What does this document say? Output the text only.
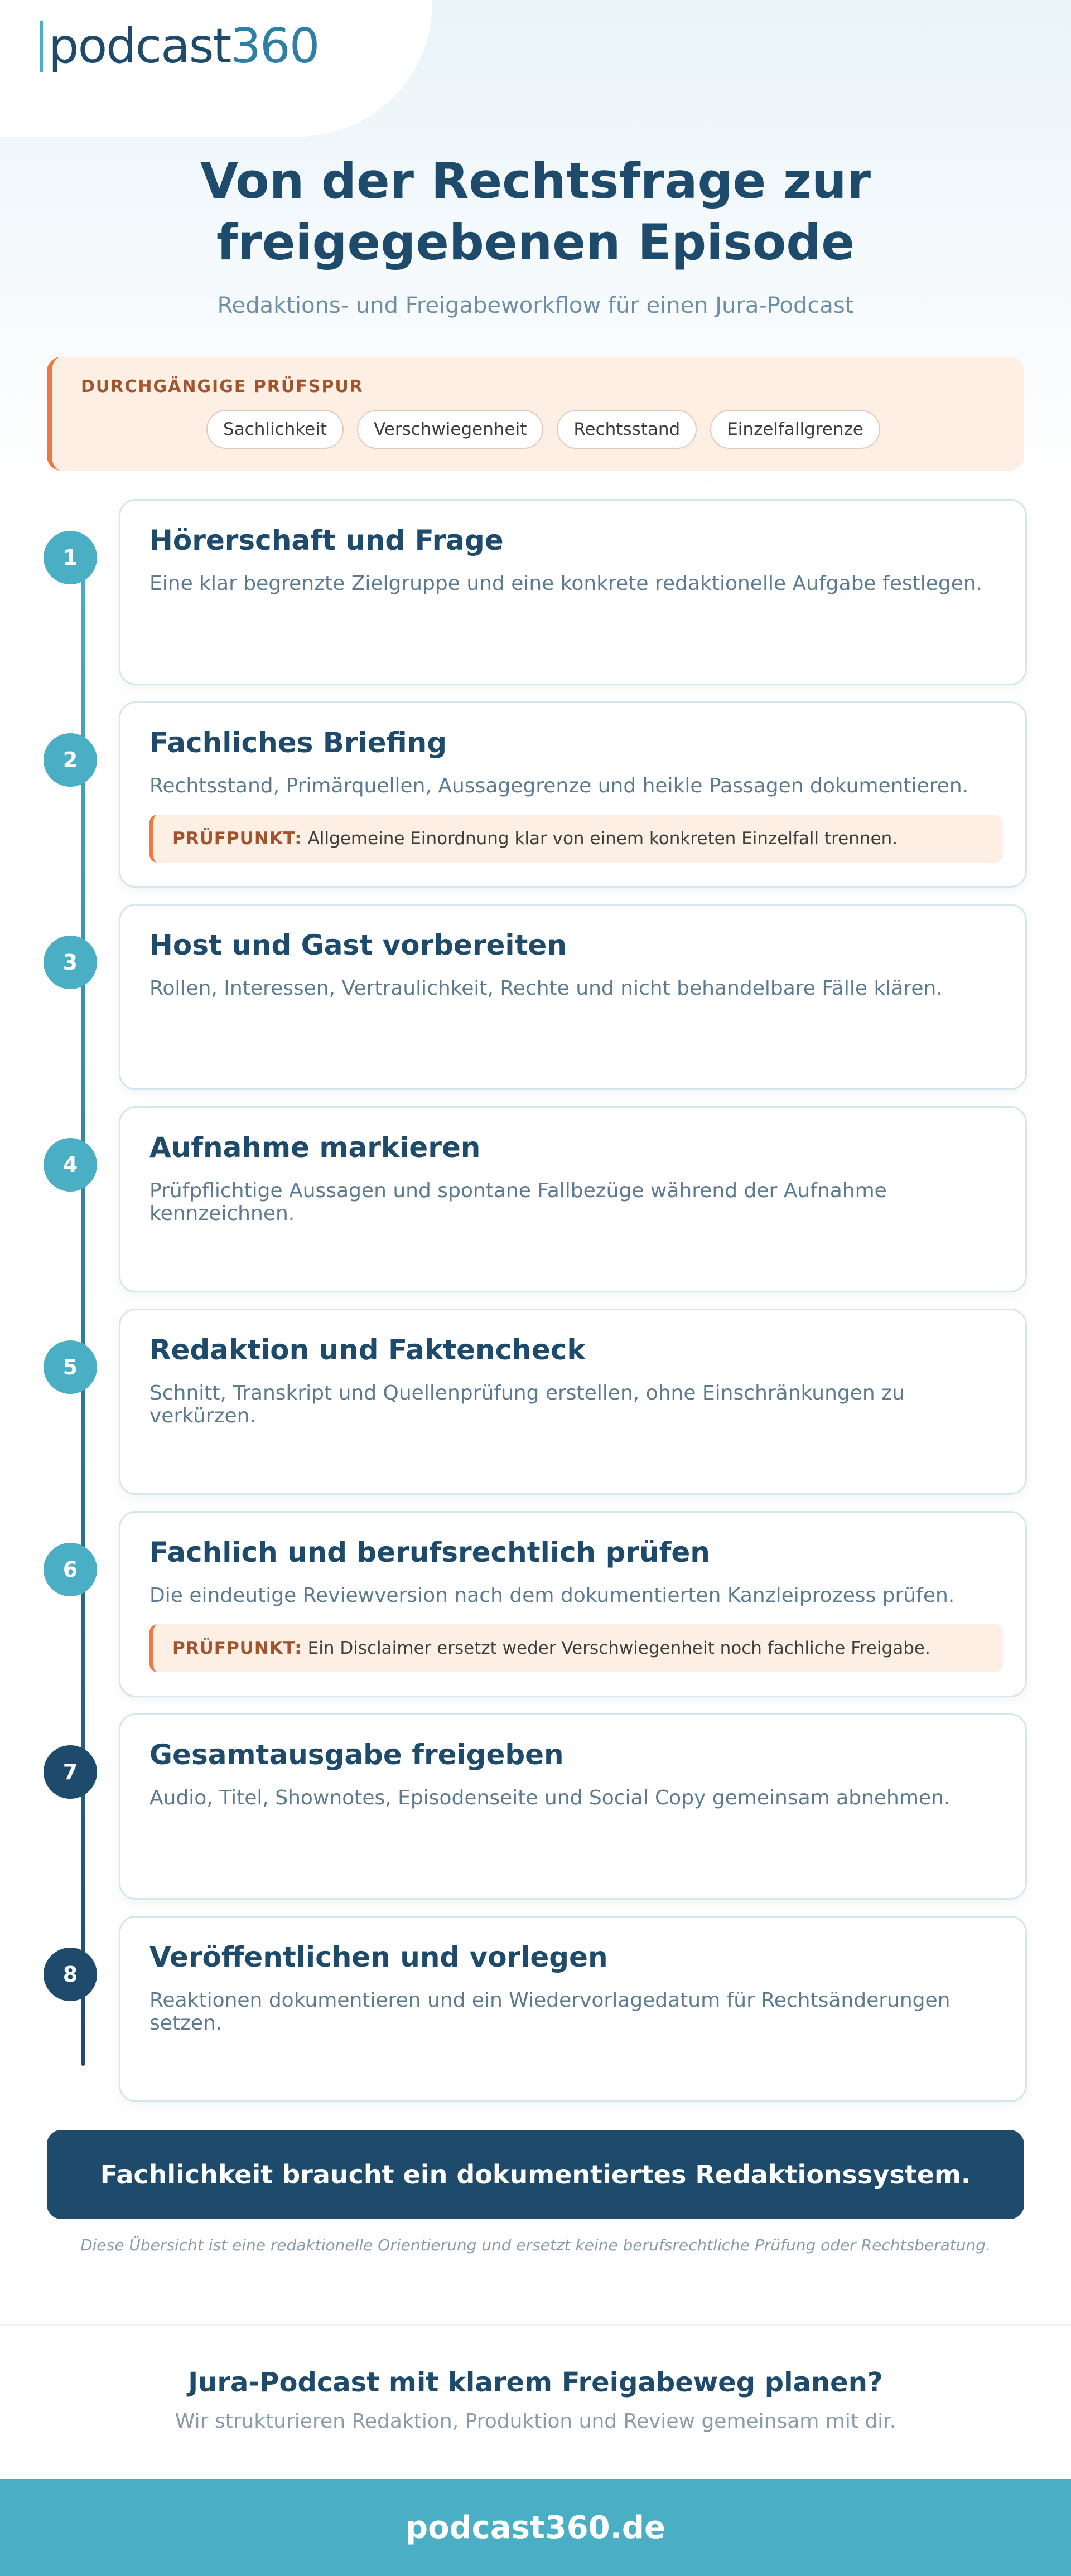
podcast 360
Von der Rechtsfrage zur
freigegebenen Episode
Redaktions- und Freigabeworkflow für einen Jura-Podcast
DURCHGÄNGIGE PRÜFSPUR
Sachlichkeit	Verschwiegenheit	Rechtsstand	Einzelfallgrenze
1
Hörerschaft und Frage

Eine klar begrenzte Zielgruppe und eine konkrete redaktionelle Aufgabe festlegen.

2
Fachliches Briefing

Rechtsstand, Primärquellen, Aussagegrenze und heikle Passagen dokumentieren.

PRÜFPUNKT: Allgemeine Einordnung klar von einem konkreten Einzelfall trennen.
3
Host und Gast vorbereiten

Rollen, Interessen, Vertraulichkeit, Rechte und nicht behandelbare Fälle klären.

4
Aufnahme markieren

Prüfpflichtige Aussagen und spontane Fallbezüge während der Aufnahme kennzeichnen.

5
Redaktion und Faktencheck

Schnitt, Transkript und Quellenprüfung erstellen, ohne Einschränkungen zu verkürzen.

6
Fachlich und berufsrechtlich prüfen

Die eindeutige Reviewversion nach dem dokumentierten Kanzleiprozess prüfen.

PRÜFPUNKT: Ein Disclaimer ersetzt weder Verschwiegenheit noch fachliche Freigabe.
7
Gesamtausgabe freigeben

Audio, Titel, Shownotes, Episodenseite und Social Copy gemeinsam abnehmen.

8
Veröffentlichen und vorlegen

Reaktionen dokumentieren und ein Wiedervorlagedatum für Rechtsänderungen setzen.

Fachlichkeit braucht ein dokumentiertes Redaktionssystem.

Diese Übersicht ist eine redaktionelle Orientierung und ersetzt keine berufsrechtliche Prüfung oder Rechtsberatung.

Jura-Podcast mit klarem Freigabeweg planen?

Wir strukturieren Redaktion, Produktion und Review gemeinsam mit dir.

podcast360.de
